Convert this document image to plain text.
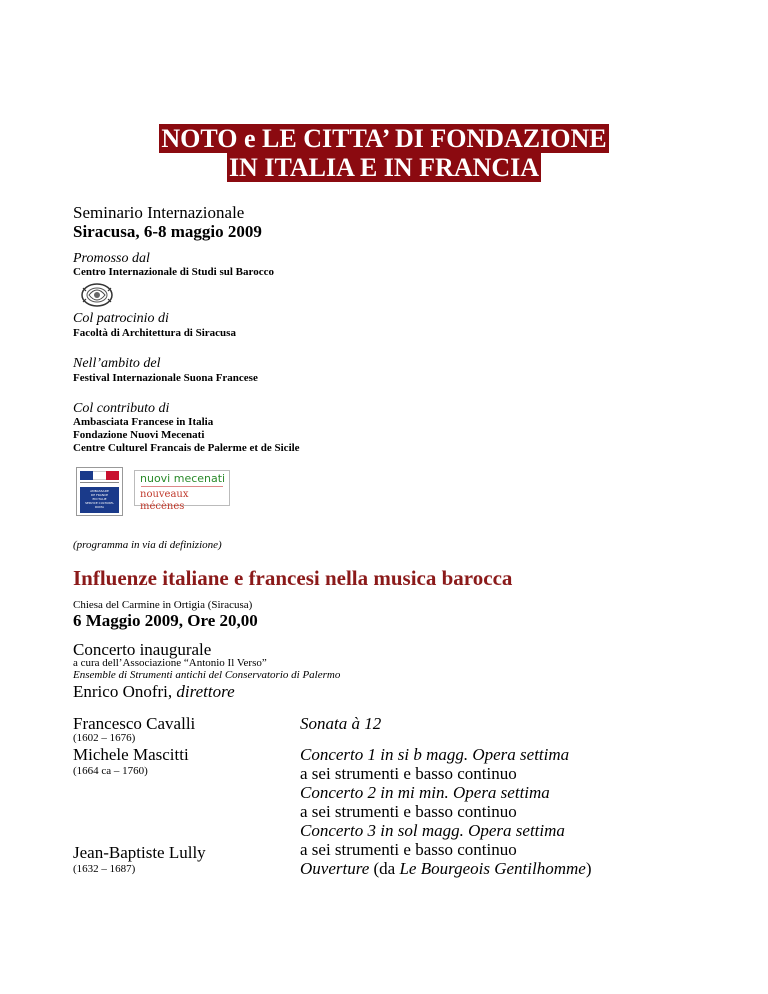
NOTO e LE CITTA’ DI FONDAZIONE
IN ITALIA E IN FRANCIA
Seminario Internazionale
Siracusa, 6-8 maggio 2009
Promosso dal
Centro Internazionale di Studi sul Barocco
Col patrocinio di
Facoltà di Architettura di Siracusa
Nell’ambito del
Festival Internazionale Suona Francese
Col contributo di
Ambasciata Francese in Italia
Fondazione Nuovi Mecenati
Centre Culturel Francais de Palerme et de Sicile
AMBASSADE
DE FRANCE
EN ITALIE
SERVICE CULTUREL
ROMA
nuovi mecenati
nouveaux mécènes
(programma in via di definizione)
Influenze italiane e francesi nella musica barocca
Chiesa del Carmine in Ortigia (Siracusa)
6 Maggio 2009, Ore 20,00
Concerto inaugurale
a cura dell’Associazione “Antonio Il Verso”
Ensemble di Strumenti antichi del Conservatorio di Palermo
Enrico Onofri, direttore
Francesco Cavalli
(1602 – 1676)
Michele Mascitti
(1664 ca – 1760)
Jean-Baptiste Lully
(1632 – 1687)
Sonata à 12
Concerto 1 in si b magg. Opera settima
a sei strumenti e basso continuo
Concerto 2 in mi min. Opera settima
a sei strumenti e basso continuo
Concerto 3 in sol magg. Opera settima
a sei strumenti e basso continuo
Ouverture (da Le Bourgeois Gentilhomme)
